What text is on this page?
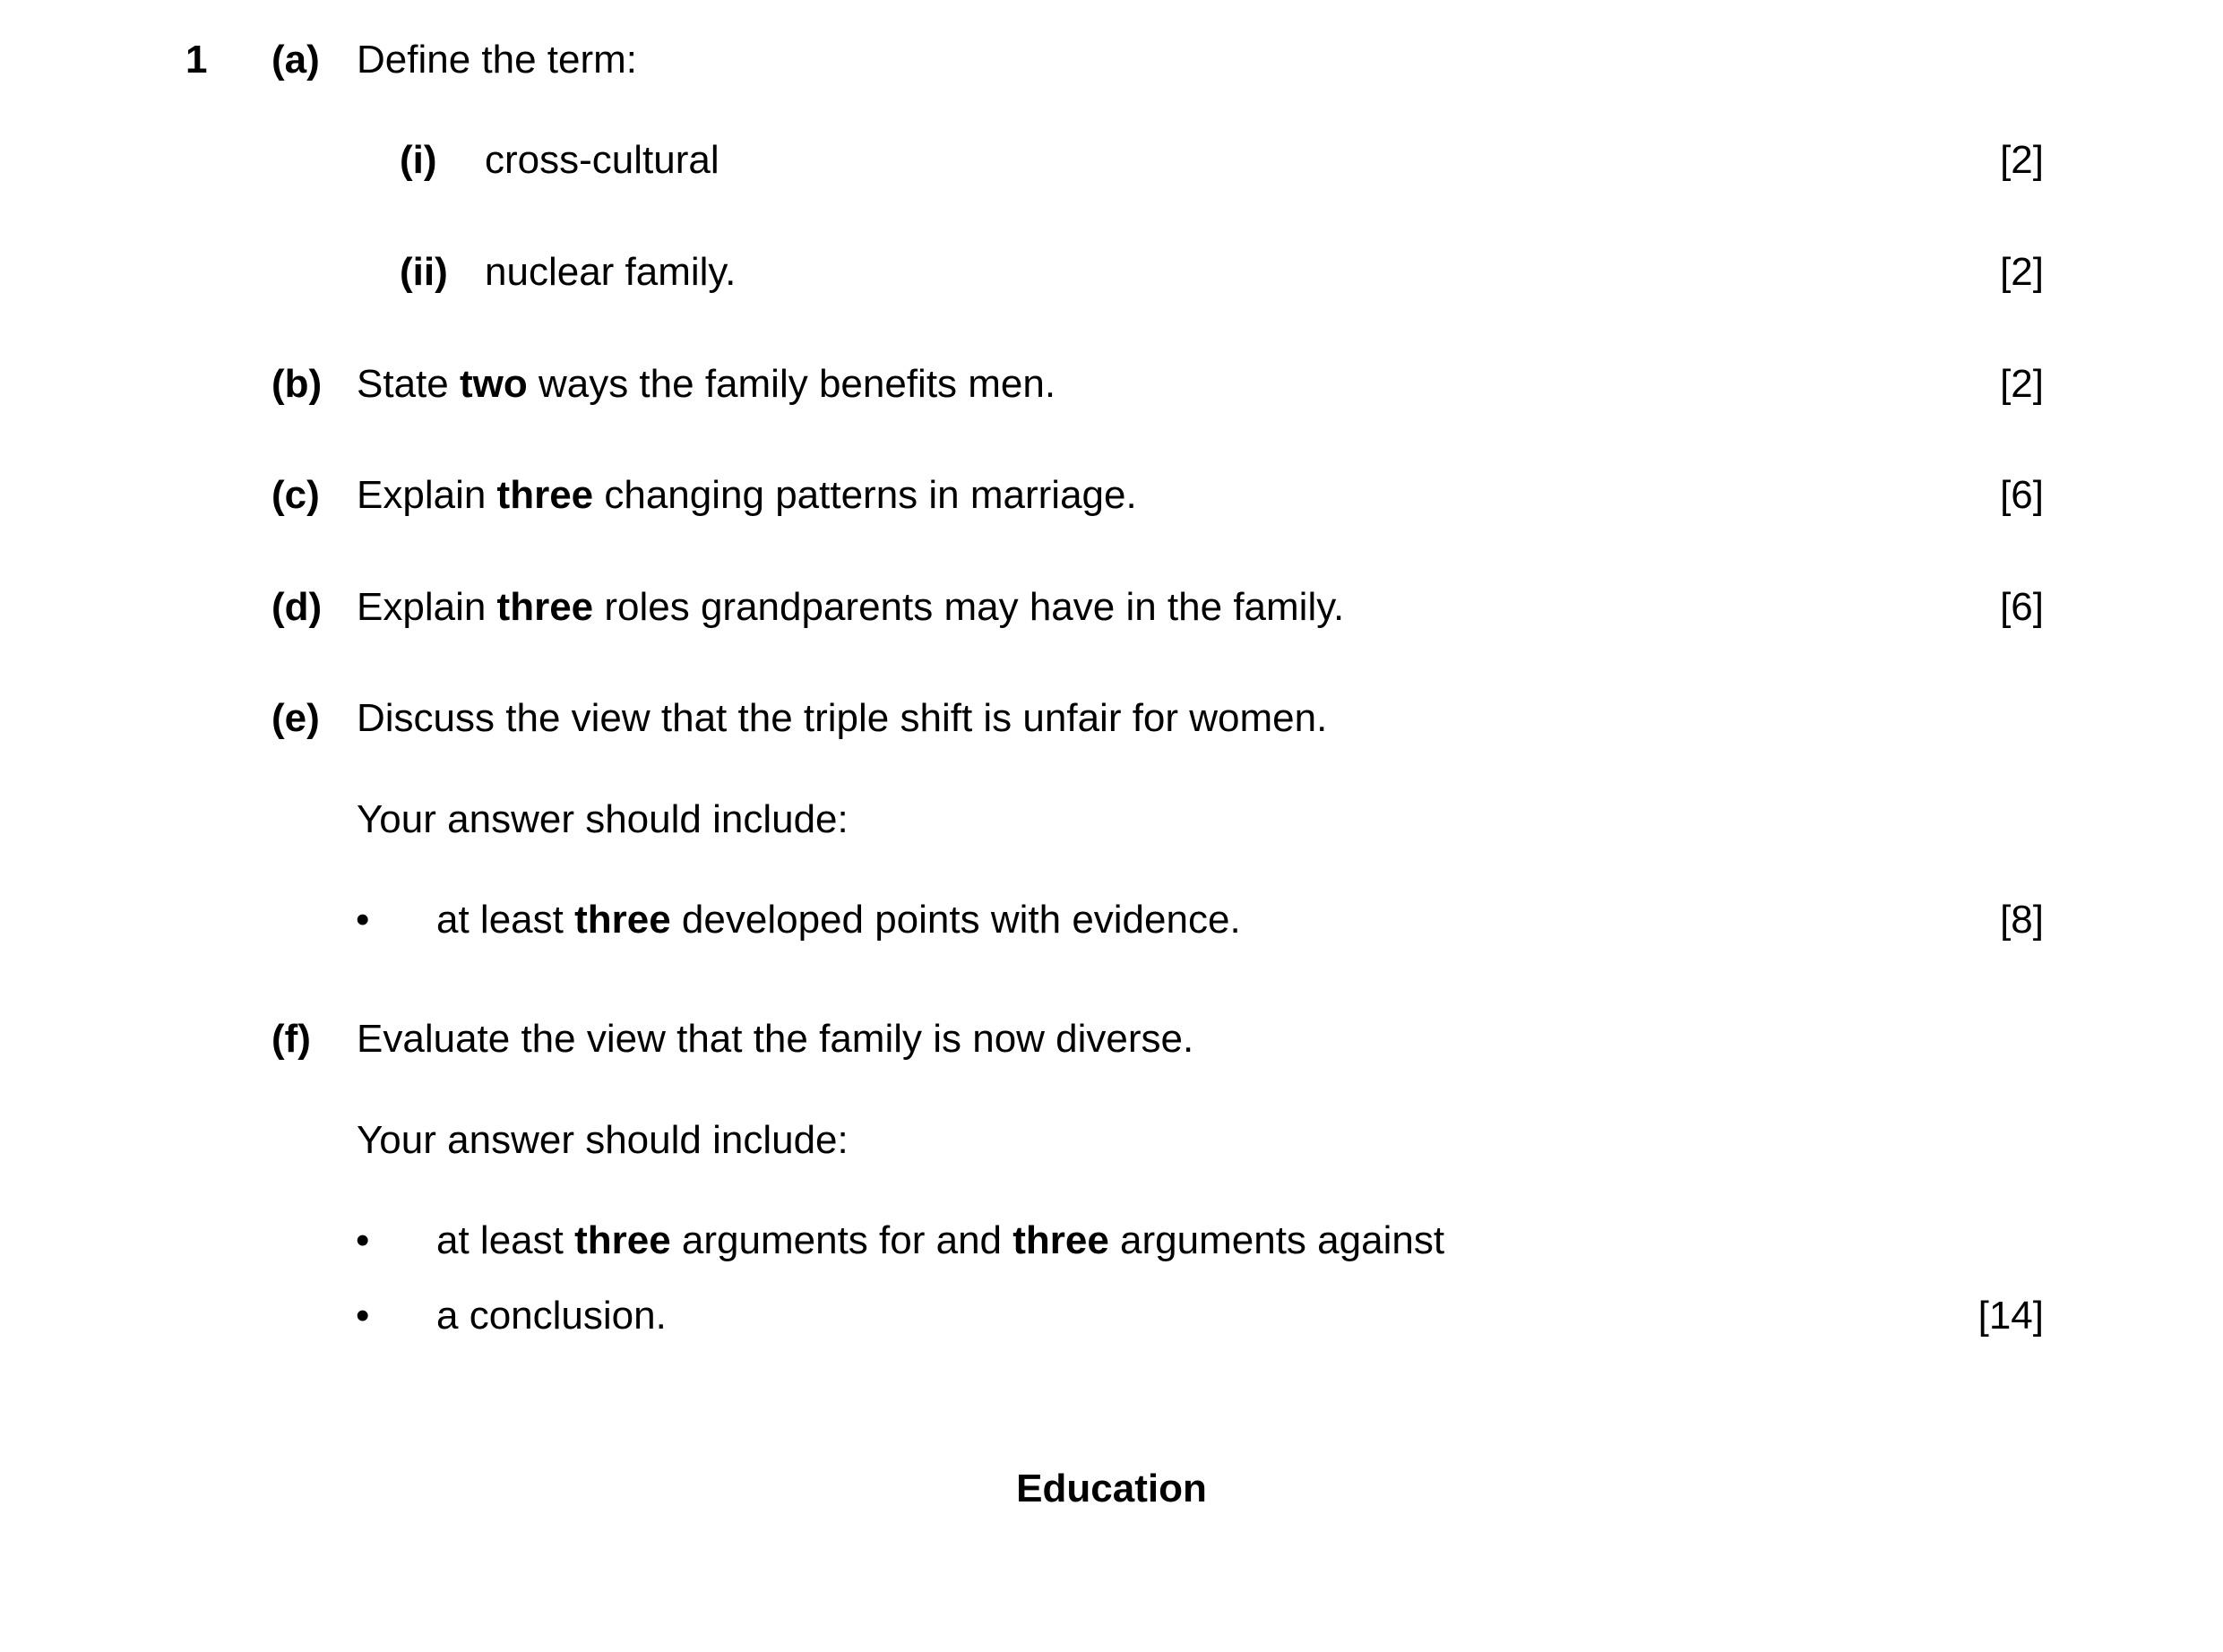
1 (a) Define the term:
(i) cross-cultural	[2]
(ii) nuclear family.	[2]
(b) State two ways the family benefits men.	[2]
(c) Explain three changing patterns in marriage.	[6]
(d) Explain three roles grandparents may have in the family.	[6]
(e) Discuss the view that the triple shift is unfair for women.
Your answer should include:
• at least three developed points with evidence.	[8]
(f) Evaluate the view that the family is now diverse.
Your answer should include:
• at least three arguments for and three arguments against
• a conclusion.	[14]
Education
